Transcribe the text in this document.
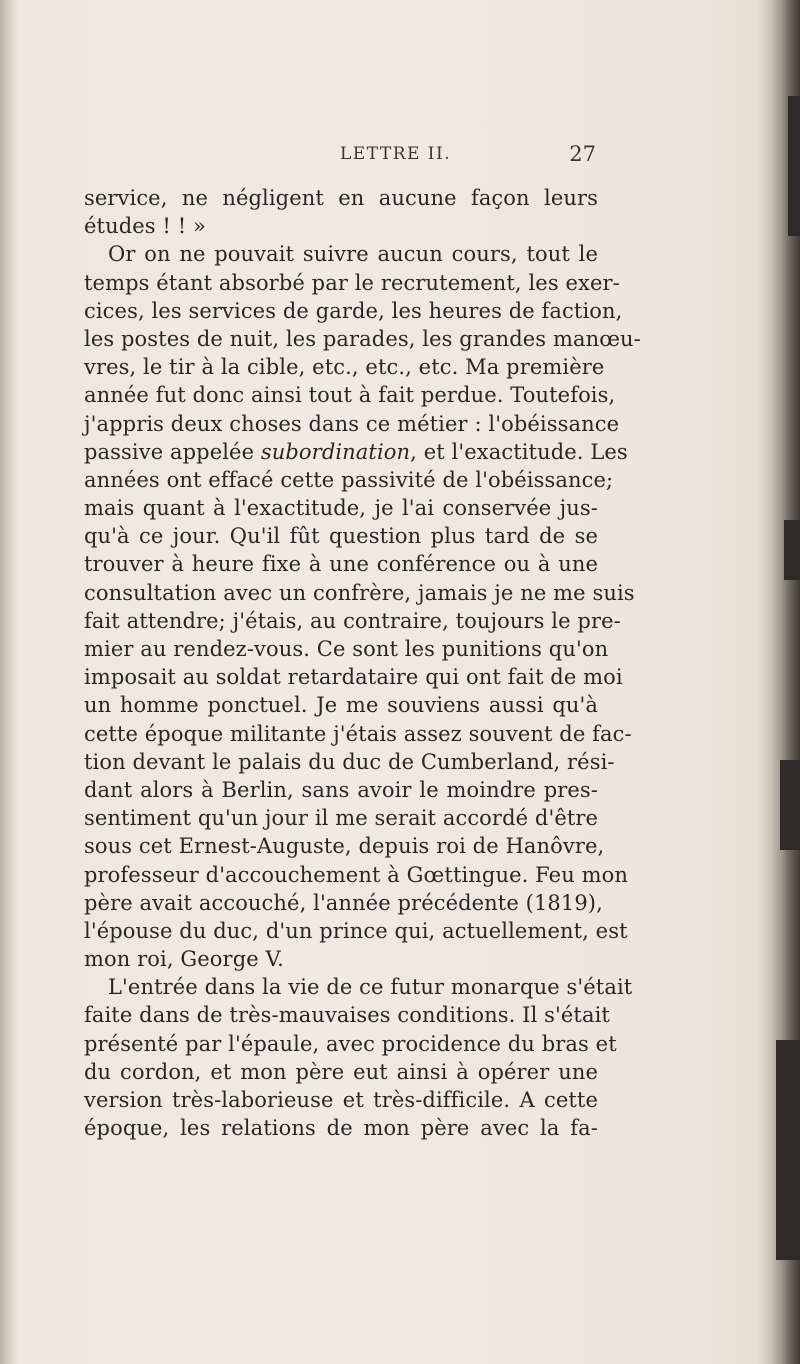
LETTRE II.	27
service, ne négligent en aucune façon leurs
études ! ! »
Or on ne pouvait suivre aucun cours, tout le
temps étant absorbé par le recrutement, les exer-
cices, les services de garde, les heures de faction,
les postes de nuit, les parades, les grandes manœu-
vres, le tir à la cible, etc., etc., etc. Ma première
année fut donc ainsi tout à fait perdue. Toutefois,
j'appris deux choses dans ce métier : l'obéissance
passive appelée subordination, et l'exactitude. Les
années ont effacé cette passivité de l'obéissance;
mais quant à l'exactitude, je l'ai conservée jus-
qu'à ce jour. Qu'il fût question plus tard de se
trouver à heure fixe à une conférence ou à une
consultation avec un confrère, jamais je ne me suis
fait attendre; j'étais, au contraire, toujours le pre-
mier au rendez-vous. Ce sont les punitions qu'on
imposait au soldat retardataire qui ont fait de moi
un homme ponctuel. Je me souviens aussi qu'à
cette époque militante j'étais assez souvent de fac-
tion devant le palais du duc de Cumberland, rési-
dant alors à Berlin, sans avoir le moindre pres-
sentiment qu'un jour il me serait accordé d'être
sous cet Ernest-Auguste, depuis roi de Hanôvre,
professeur d'accouchement à Gœttingue. Feu mon
père avait accouché, l'année précédente (1819),
l'épouse du duc, d'un prince qui, actuellement, est
mon roi, George V.
L'entrée dans la vie de ce futur monarque s'était
faite dans de très-mauvaises conditions. Il s'était
présenté par l'épaule, avec procidence du bras et
du cordon, et mon père eut ainsi à opérer une
version très-laborieuse et très-difficile. A cette
époque, les relations de mon père avec la fa-
